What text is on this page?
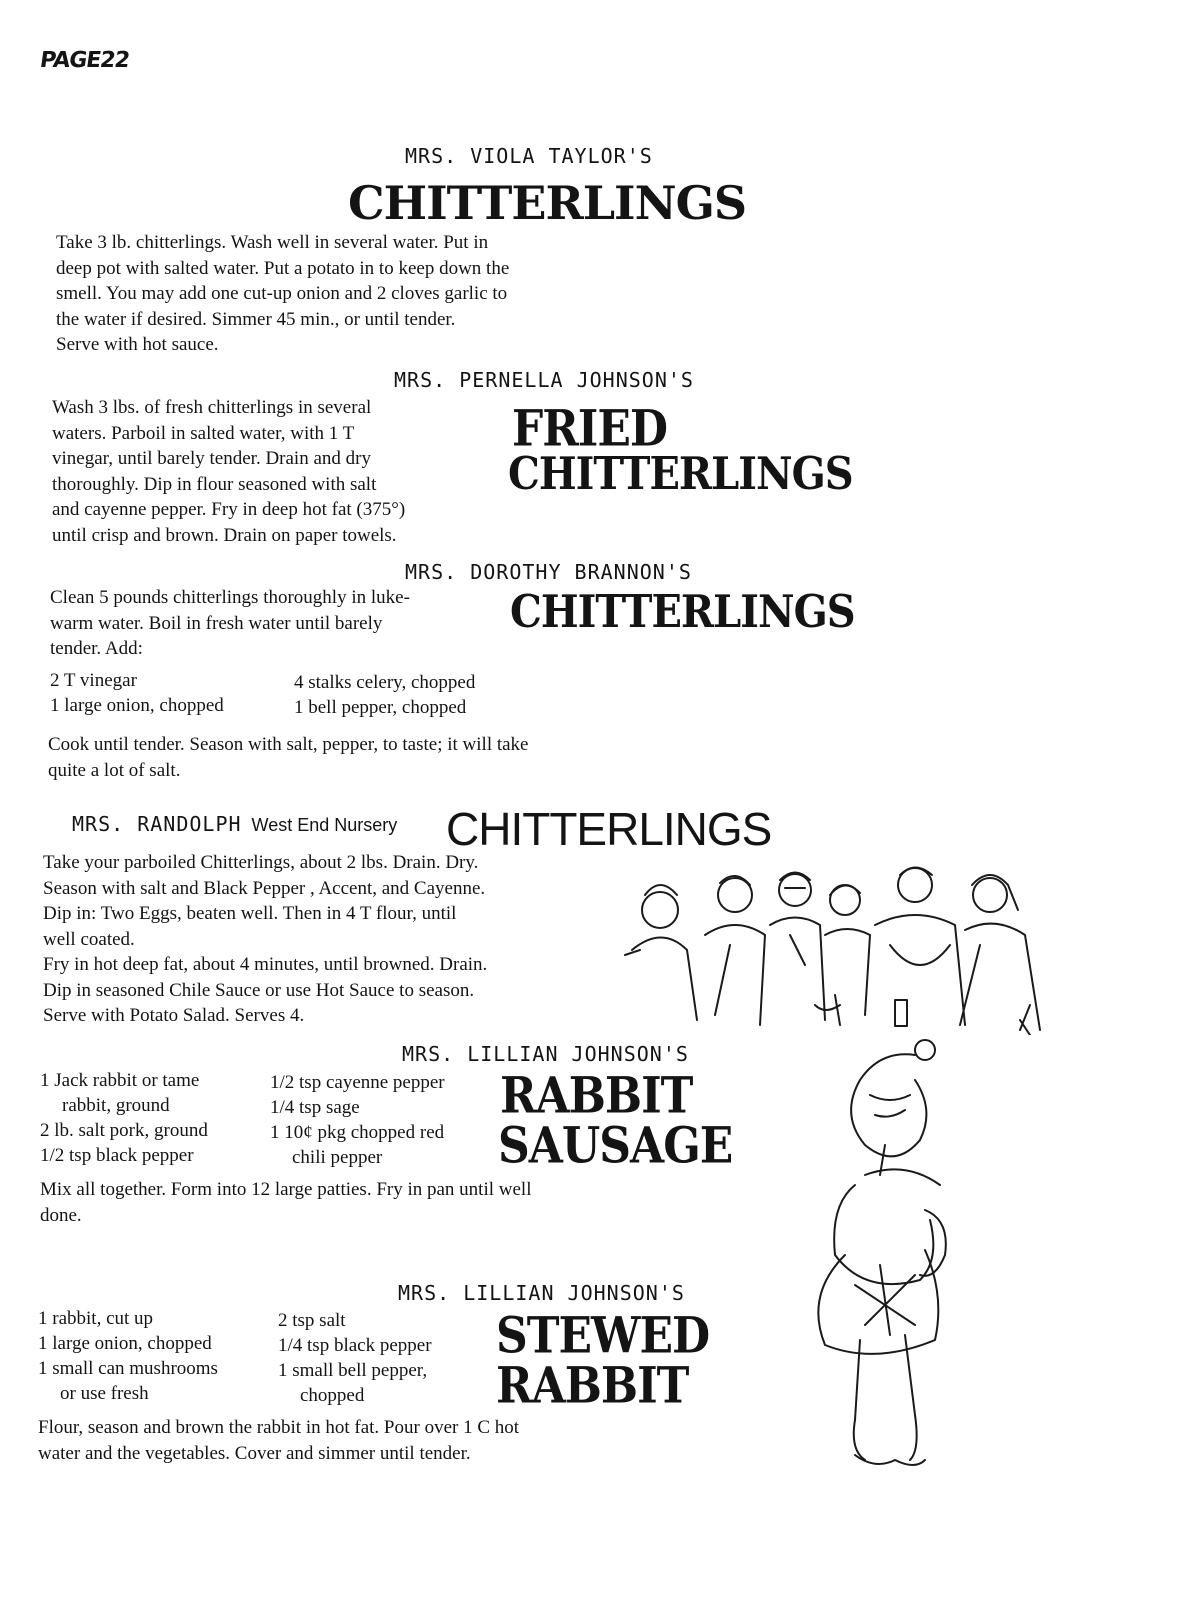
PAGE22
MRS. VIOLA TAYLOR'S
CHITTERLINGS

Take 3 lb. chitterlings. Wash well in several water. Put in

deep pot with salted water. Put a potato in to keep down the

smell. You may add one cut-up onion and 2 cloves garlic to

the water if desired. Simmer 45 min., or until tender.

Serve with hot sauce.

MRS. PERNELLA JOHNSON'S

Wash 3 lbs. of fresh chitterlings in several

waters. Parboil in salted water, with 1 T

vinegar, until barely tender. Drain and dry

thoroughly. Dip in flour seasoned with salt

and cayenne pepper. Fry in deep hot fat (375°)

until crisp and brown. Drain on paper towels.

FRIED
CHITTERLINGS
MRS. DOROTHY BRANNON'S

Clean 5 pounds chitterlings thoroughly in luke-

warm water. Boil in fresh water until barely

tender. Add:

CHITTERLINGS
2 T vinegar
1 large onion, chopped
4 stalks celery, chopped
1 bell pepper, chopped

Cook until tender. Season with salt, pepper, to taste; it will take

quite a lot of salt.

MRS. RANDOLPH West End Nursery CHITTERLINGS

Take your parboiled Chitterlings, about 2 lbs. Drain. Dry.

Season with salt and Black Pepper , Accent, and Cayenne.

Dip in: Two Eggs, beaten well. Then in 4 T flour, until

well coated.

Fry in hot deep fat, about 4 minutes, until browned. Drain.

Dip in seasoned Chile Sauce or use Hot Sauce to season.

Serve with Potato Salad. Serves 4.

MRS. LILLIAN JOHNSON'S
1 Jack rabbit or tame
rabbit, ground
2 lb. salt pork, ground
1/2 tsp black pepper
1/2 tsp cayenne pepper
1/4 tsp sage
1 10¢ pkg chopped red
chili pepper
RABBIT
SAUSAGE

Mix all together. Form into 12 large patties. Fry in pan until well

done.

MRS. LILLIAN JOHNSON'S
1 rabbit, cut up
1 large onion, chopped
1 small can mushrooms
or use fresh
2 tsp salt
1/4 tsp black pepper
1 small bell pepper,
chopped
STEWED
RABBIT

Flour, season and brown the rabbit in hot fat. Pour over 1 C hot

water and the vegetables. Cover and simmer until tender.
